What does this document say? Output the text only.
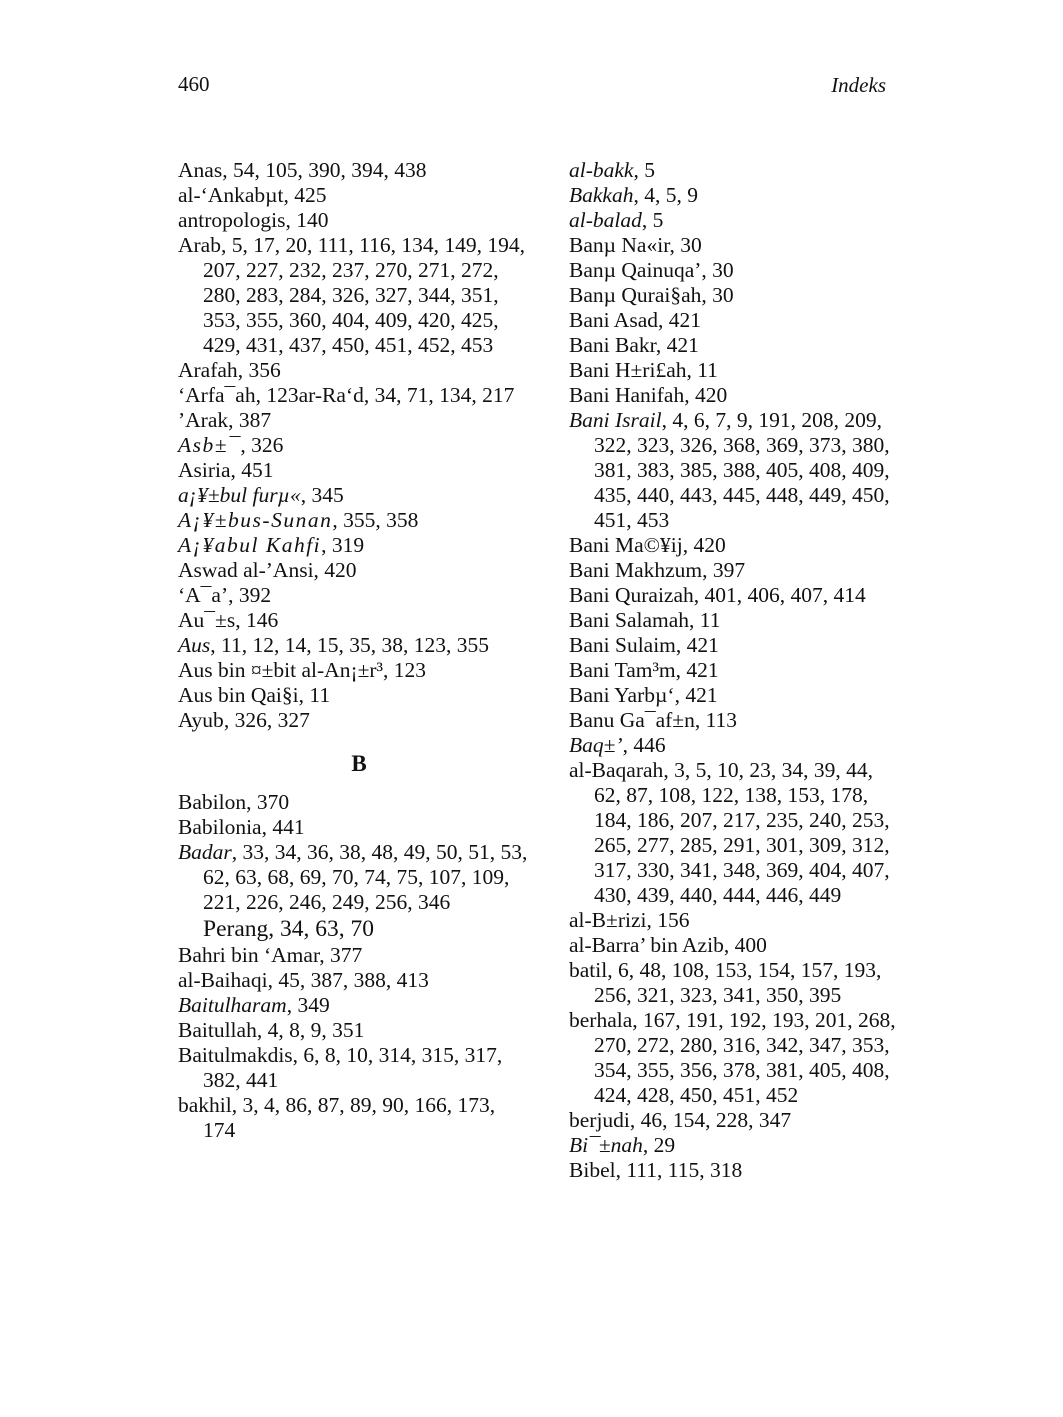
460	Indeks
Anas, 54, 105, 390, 394, 438
al-‘Ankabµt, 425
antropologis, 140
Arab, 5, 17, 20, 111, 116, 134, 149, 194, 207, 227, 232, 237, 270, 271, 272, 280, 283, 284, 326, 327, 344, 351, 353, 355, 360, 404, 409, 420, 425, 429, 431, 437, 450, 451, 452, 453
Arafah, 356
‘Arfa¯ah, 123ar-Ra‘d, 34, 71, 134, 217
’Arak, 387
Asb±¯, 326
Asiria, 451
a¡¥±bul furµ«, 345
A¡¥±bus-Sunan, 355, 358
A¡¥abul Kahfi, 319
Aswad al-’Ansi, 420
‘A¯a’, 392
Au¯±s, 146
Aus, 11, 12, 14, 15, 35, 38, 123, 355
Aus bin ¤±bit al-An¡±r³, 123
Aus bin Qai§i, 11
Ayub, 326, 327
B
Babilon, 370
Babilonia, 441
Badar, 33, 34, 36, 38, 48, 49, 50, 51, 53, 62, 63, 68, 69, 70, 74, 75, 107, 109, 221, 226, 246, 249, 256, 346
Perang, 34, 63, 70
Bahri bin ‘Amar, 377
al-Baihaqi, 45, 387, 388, 413
Baitulharam, 349
Baitullah, 4, 8, 9, 351
Baitulmakdis, 6, 8, 10, 314, 315, 317, 382, 441
bakhil, 3, 4, 86, 87, 89, 90, 166, 173, 174
al-bakk, 5
Bakkah, 4, 5, 9
al-balad, 5
Banµ Na«ir, 30
Banµ Qainuqa’, 30
Banµ Qurai§ah, 30
Bani Asad, 421
Bani Bakr, 421
Bani H±ri£ah, 11
Bani Hanifah, 420
Bani Israil, 4, 6, 7, 9, 191, 208, 209, 322, 323, 326, 368, 369, 373, 380, 381, 383, 385, 388, 405, 408, 409, 435, 440, 443, 445, 448, 449, 450, 451, 453
Bani Ma©¥ij, 420
Bani Makhzum, 397
Bani Quraizah, 401, 406, 407, 414
Bani Salamah, 11
Bani Sulaim, 421
Bani Tam³m, 421
Bani Yarbµ‘, 421
Banu Ga¯af±n, 113
Baq±’, 446
al-Baqarah, 3, 5, 10, 23, 34, 39, 44, 62, 87, 108, 122, 138, 153, 178, 184, 186, 207, 217, 235, 240, 253, 265, 277, 285, 291, 301, 309, 312, 317, 330, 341, 348, 369, 404, 407, 430, 439, 440, 444, 446, 449
al-B±rizi, 156
al-Barra’ bin Azib, 400
batil, 6, 48, 108, 153, 154, 157, 193, 256, 321, 323, 341, 350, 395
berhala, 167, 191, 192, 193, 201, 268, 270, 272, 280, 316, 342, 347, 353, 354, 355, 356, 378, 381, 405, 408, 424, 428, 450, 451, 452
berjudi, 46, 154, 228, 347
Bi¯±nah, 29
Bibel, 111, 115, 318
